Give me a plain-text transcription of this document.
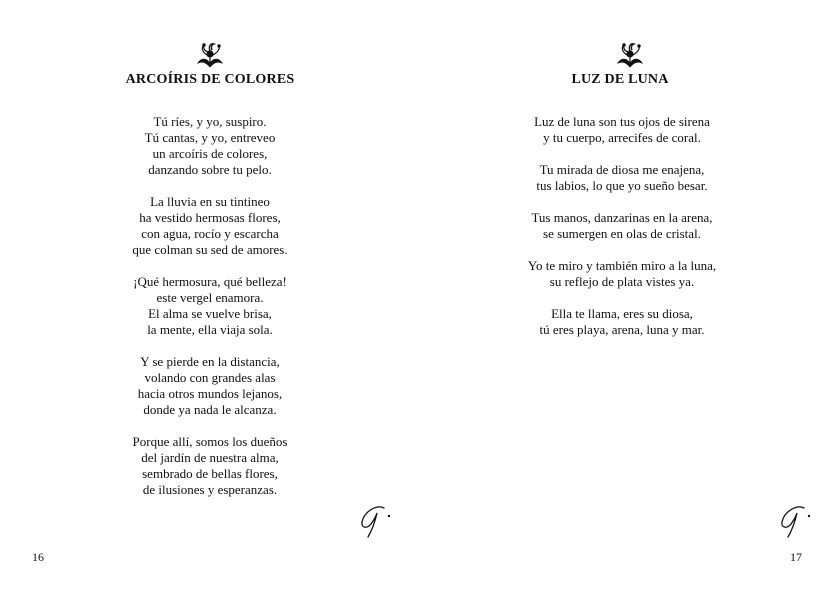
ARCOÍRIS DE COLORES

Tú ríes, y yo, suspiro.
Tú cantas, y yo, entreveo
un arcoíris de colores,
danzando sobre tu pelo.

La lluvia en su tintineo
ha vestido hermosas flores,
con agua, rocío y escarcha
que colman su sed de amores.

¡Qué hermosura, qué belleza!
este vergel enamora.
El alma se vuelve brisa,
la mente, ella viaja sola.

Y se pierde en la distancia,
volando con grandes alas
hacia otros mundos lejanos,
donde ya nada le alcanza.

Porque allí, somos los dueños
del jardín de nuestra alma,
sembrado de bellas flores,
de ilusiones y esperanzas.

16
LUZ DE LUNA

Luz de luna son tus ojos de sirena
y tu cuerpo, arrecifes de coral.

Tu mirada de diosa me enajena,
tus labios, lo que yo sueño besar.

Tus manos, danzarinas en la arena,
se sumergen en olas de cristal.

Yo te miro y también miro a la luna,
su reflejo de plata vistes ya.

Ella te llama, eres su diosa,
tú eres playa, arena, luna y mar.

17
